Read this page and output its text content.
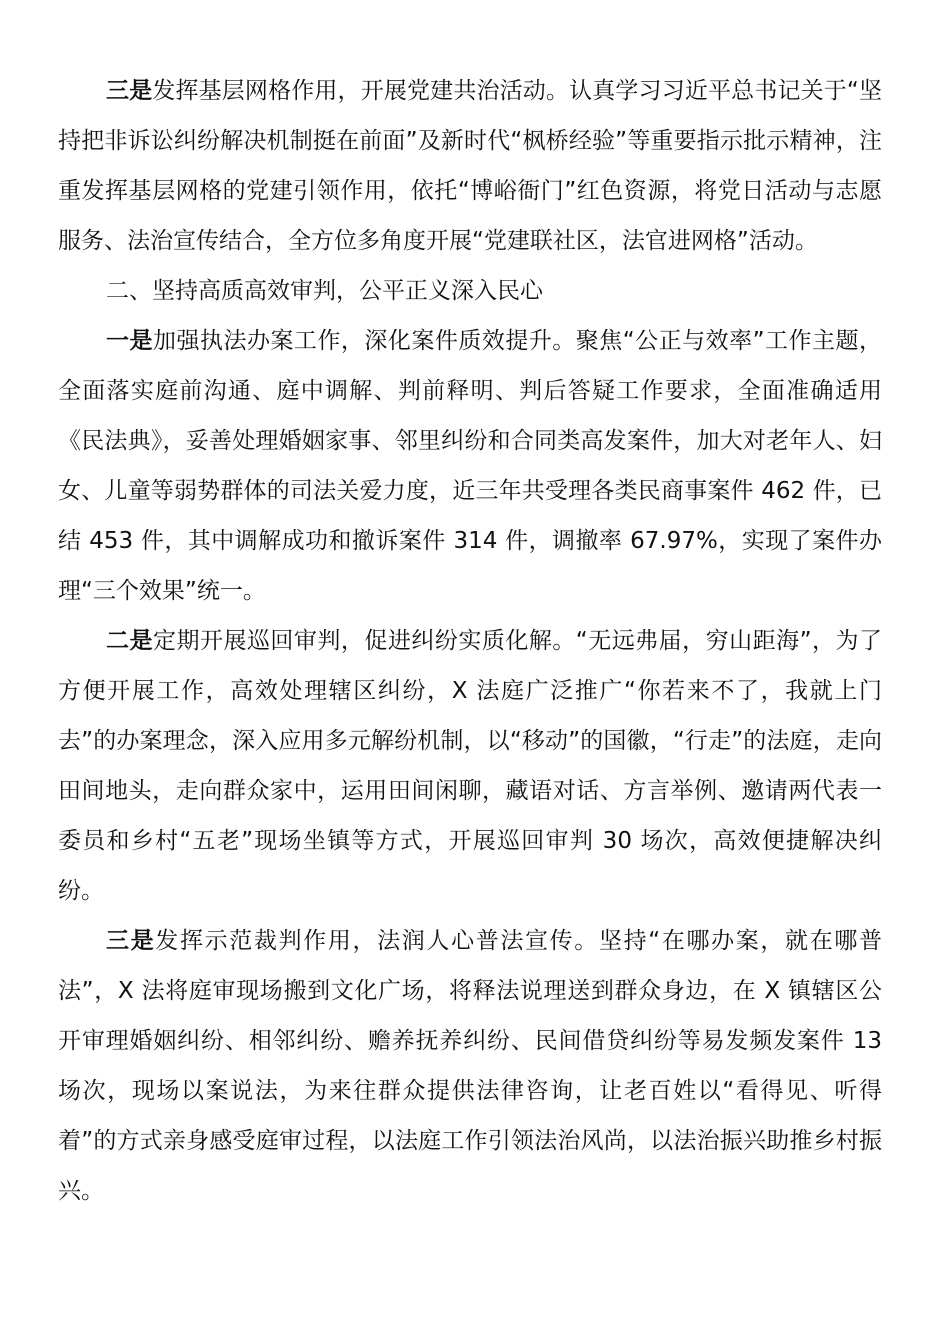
三是发挥基层网格作用，开展党建共治活动。认真学习习近平总书记关于“坚持把非诉讼纠纷解决机制挺在前面”及新时代“枫桥经验”等重要指示批示精神，注重发挥基层网格的党建引领作用，依托“博峪衙门”红色资源，将党日活动与志愿服务、法治宣传结合，全方位多角度开展“党建联社区，法官进网格”活动。

二、坚持高质高效审判，公平正义深入民心

一是加强执法办案工作，深化案件质效提升。聚焦“公正与效率”工作主题，全面落实庭前沟通、庭中调解、判前释明、判后答疑工作要求，全面准确适用《民法典》，妥善处理婚姻家事、邻里纠纷和合同类高发案件，加大对老年人、妇女、儿童等弱势群体的司法关爱力度，近三年共受理各类民商事案件 462 件，已结 453 件，其中调解成功和撤诉案件 314 件，调撤率 67.97%，实现了案件办理“三个效果”统一。

二是定期开展巡回审判，促进纠纷实质化解。“无远弗届，穷山距海”，为了方便开展工作，高效处理辖区纠纷，X 法庭广泛推广“你若来不了，我就上门去”的办案理念，深入应用多元解纷机制，以“移动”的国徽，“行走”的法庭，走向田间地头，走向群众家中，运用田间闲聊，藏语对话、方言举例、邀请两代表一委员和乡村“五老”现场坐镇等方式，开展巡回审判 30 场次，高效便捷解决纠纷。

三是发挥示范裁判作用，法润人心普法宣传。坚持“在哪办案，就在哪普法”，X 法将庭审现场搬到文化广场，将释法说理送到群众身边，在 X 镇辖区公开审理婚姻纠纷、相邻纠纷、赡养抚养纠纷、民间借贷纠纷等易发频发案件 13 场次，现场以案说法，为来往群众提供法律咨询，让老百姓以“看得见、听得着”的方式亲身感受庭审过程，以法庭工作引领法治风尚，以法治振兴助推乡村振兴。
